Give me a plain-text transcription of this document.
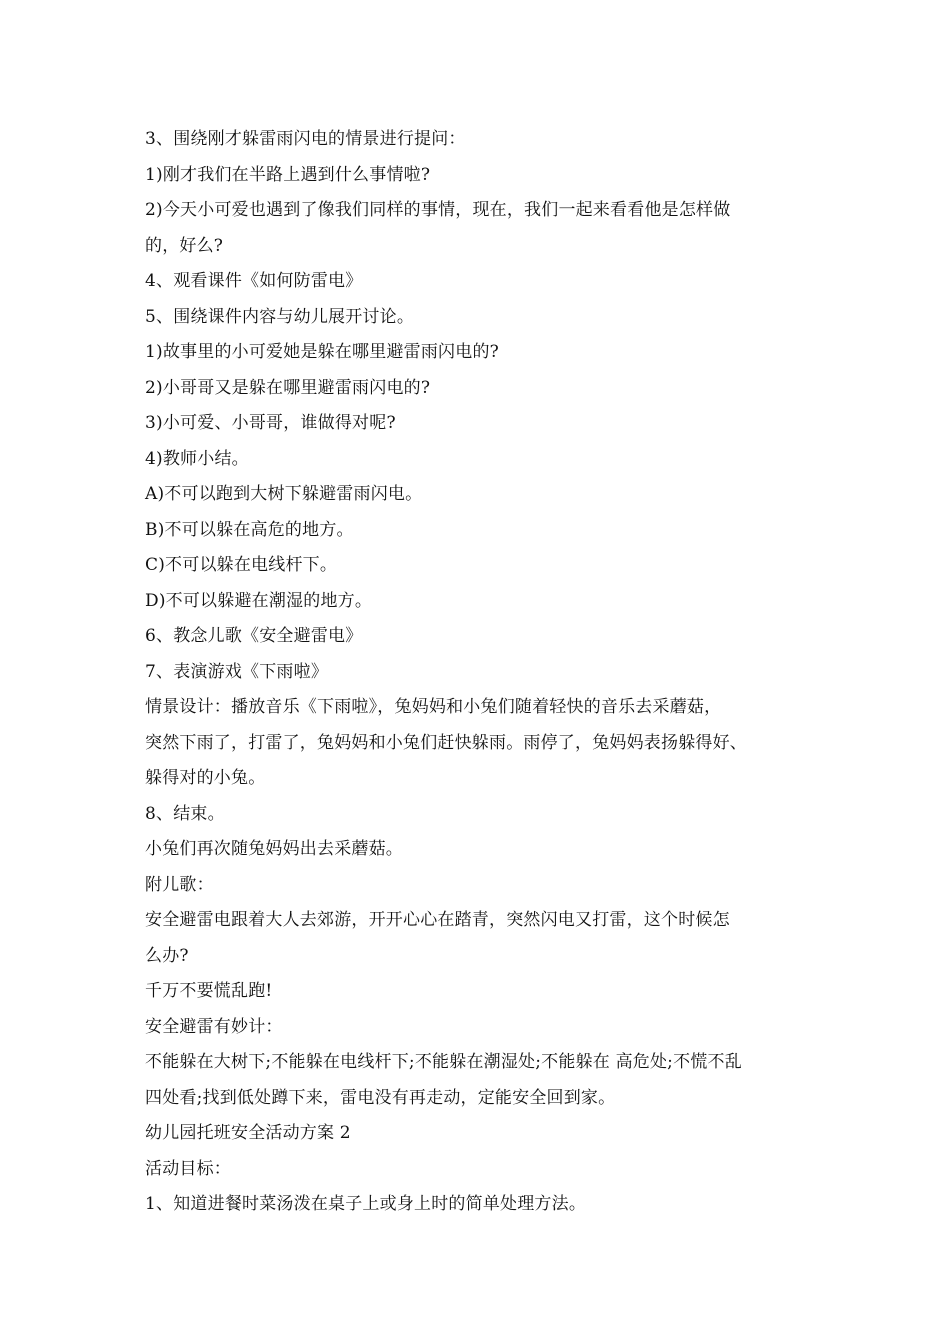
3、围绕刚才躲雷雨闪电的情景进行提问：
1)刚才我们在半路上遇到什么事情啦?
2)今天小可爱也遇到了像我们同样的事情，现在，我们一起来看看他是怎样做
的，好么?
4、观看课件《如何防雷电》
5、围绕课件内容与幼儿展开讨论。
1)故事里的小可爱她是躲在哪里避雷雨闪电的?
2)小哥哥又是躲在哪里避雷雨闪电的?
3)小可爱、小哥哥，谁做得对呢?
4)教师小结。
A)不可以跑到大树下躲避雷雨闪电。
B)不可以躲在高危的地方。
C)不可以躲在电线杆下。
D)不可以躲避在潮湿的地方。
6、教念儿歌《安全避雷电》
7、表演游戏《下雨啦》
情景设计：播放音乐《下雨啦》，兔妈妈和小兔们随着轻快的音乐去采蘑菇，
突然下雨了，打雷了，兔妈妈和小兔们赶快躲雨。雨停了，兔妈妈表扬躲得好、
躲得对的小兔。
8、结束。
小兔们再次随兔妈妈出去采蘑菇。
附儿歌：
安全避雷电跟着大人去郊游，开开心心在踏青，突然闪电又打雷，这个时候怎
么办?
千万不要慌乱跑!
安全避雷有妙计：
不能躲在大树下;不能躲在电线杆下;不能躲在潮湿处;不能躲在 高危处;不慌不乱
四处看;找到低处蹲下来，雷电没有再走动，定能安全回到家。
幼儿园托班安全活动方案 2
活动目标：
1、知道进餐时菜汤泼在桌子上或身上时的简单处理方法。
